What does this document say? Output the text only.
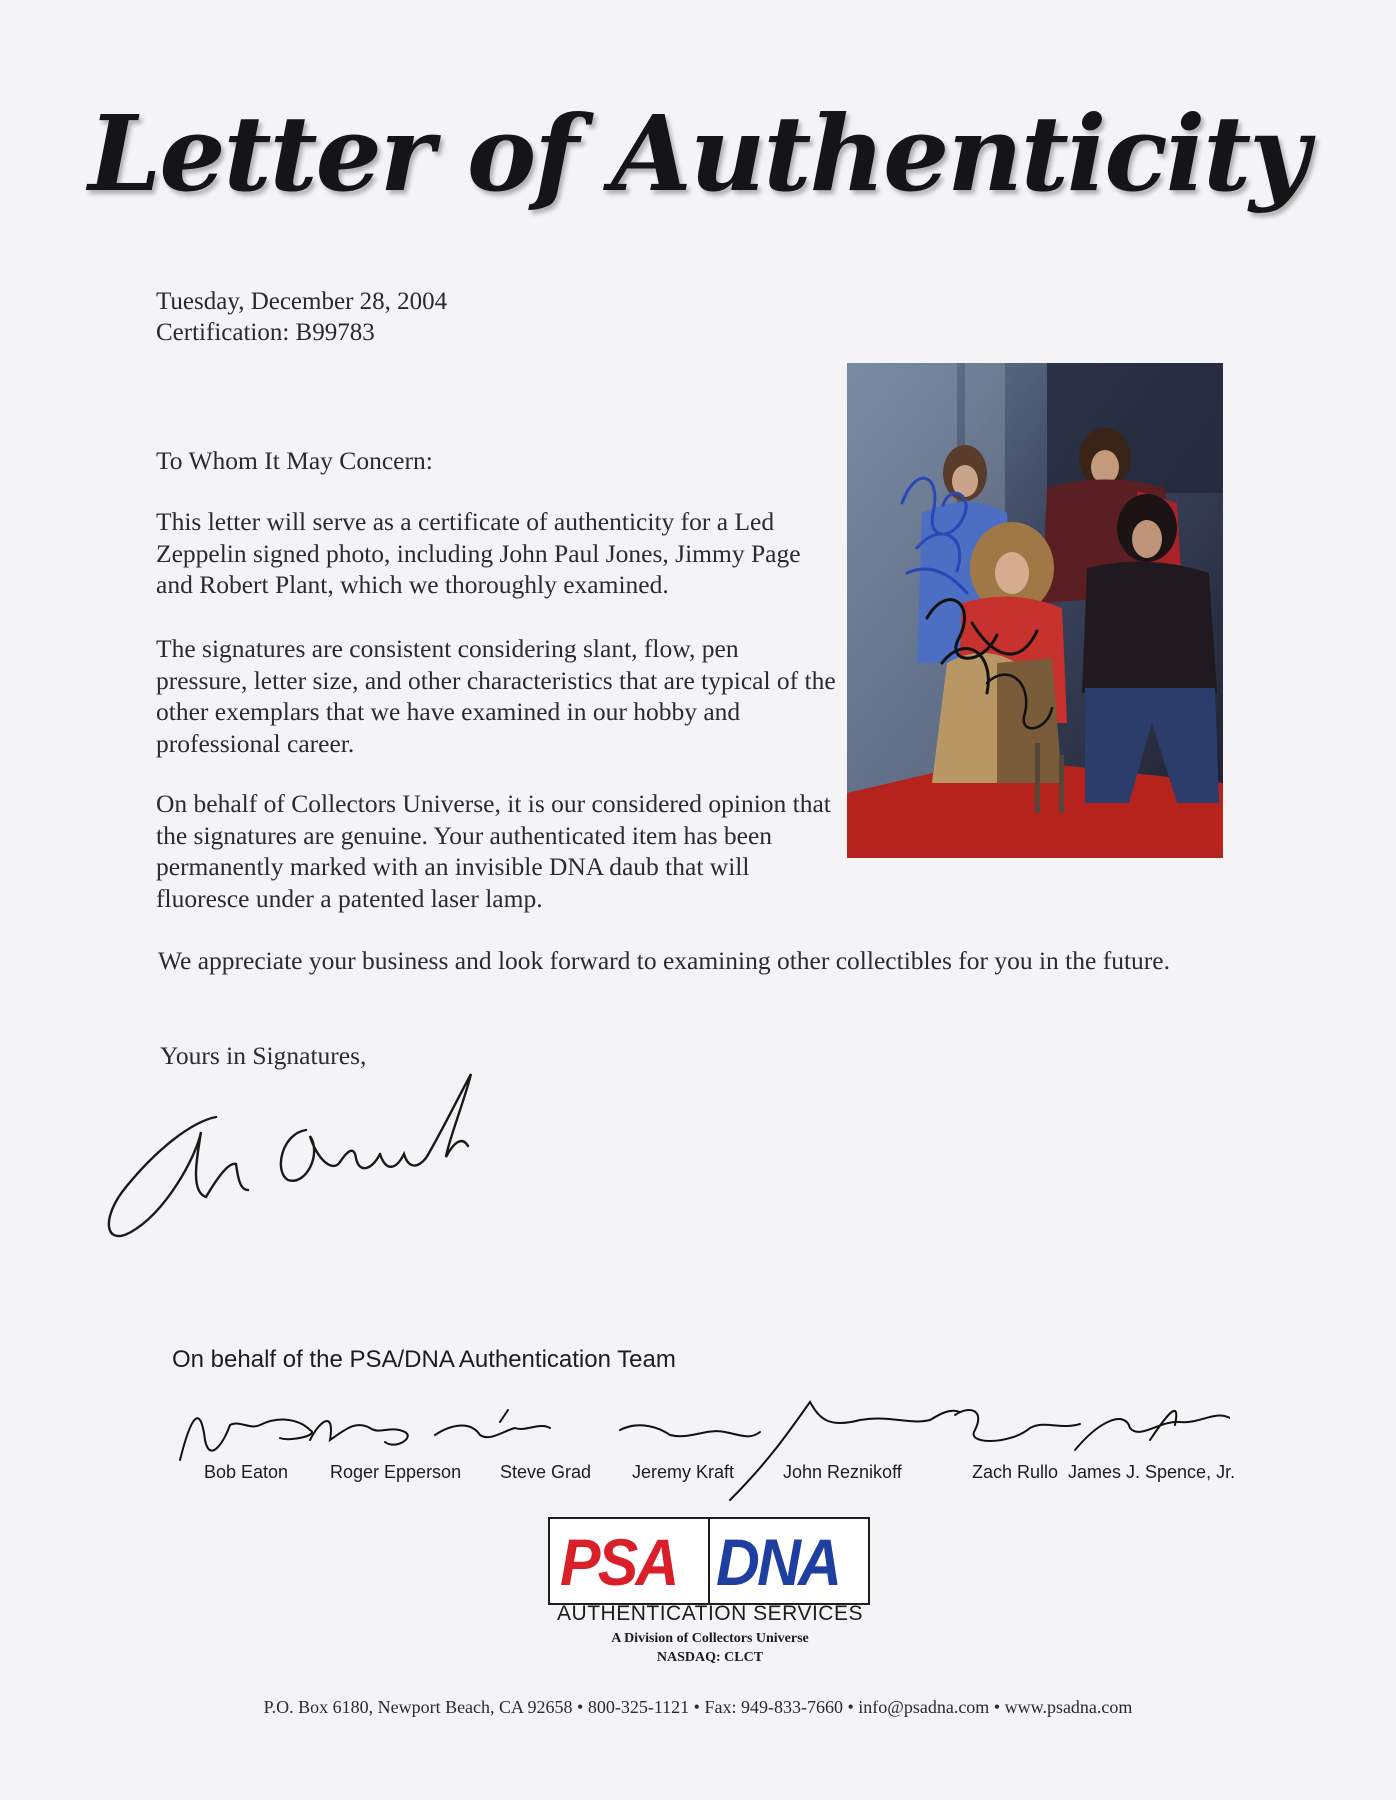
Letter of Authenticity
Tuesday, December 28, 2004
Certification: B99783
To Whom It May Concern:
This letter will serve as a certificate of authenticity for a Led Zeppelin signed photo, including John Paul Jones, Jimmy Page and Robert Plant, which we thoroughly examined.
The signatures are consistent considering slant, flow, pen pressure, letter size, and other characteristics that are typical of the other exemplars that we have examined in our hobby and professional career.
On behalf of Collectors Universe, it is our considered opinion that the signatures are genuine. Your authenticated item has been permanently marked with an invisible DNA daub that will fluoresce under a patented laser lamp.
We appreciate your business and look forward to examining other collectibles for you in the future.
Yours in Signatures,
On behalf of the PSA/DNA Authentication Team
Bob Eaton Roger Epperson Steve Grad Jeremy Kraft	John Reznikoff	Zach Rullo James J. Spence, Jr.
PSA DNA
AUTHENTICATION SERVICES
A Division of Collectors Universe
NASDAQ: CLCT
P.O. Box 6180, Newport Beach, CA 92658 • 800-325-1121 • Fax: 949-833-7660 • info@psadna.com • www.psadna.com
